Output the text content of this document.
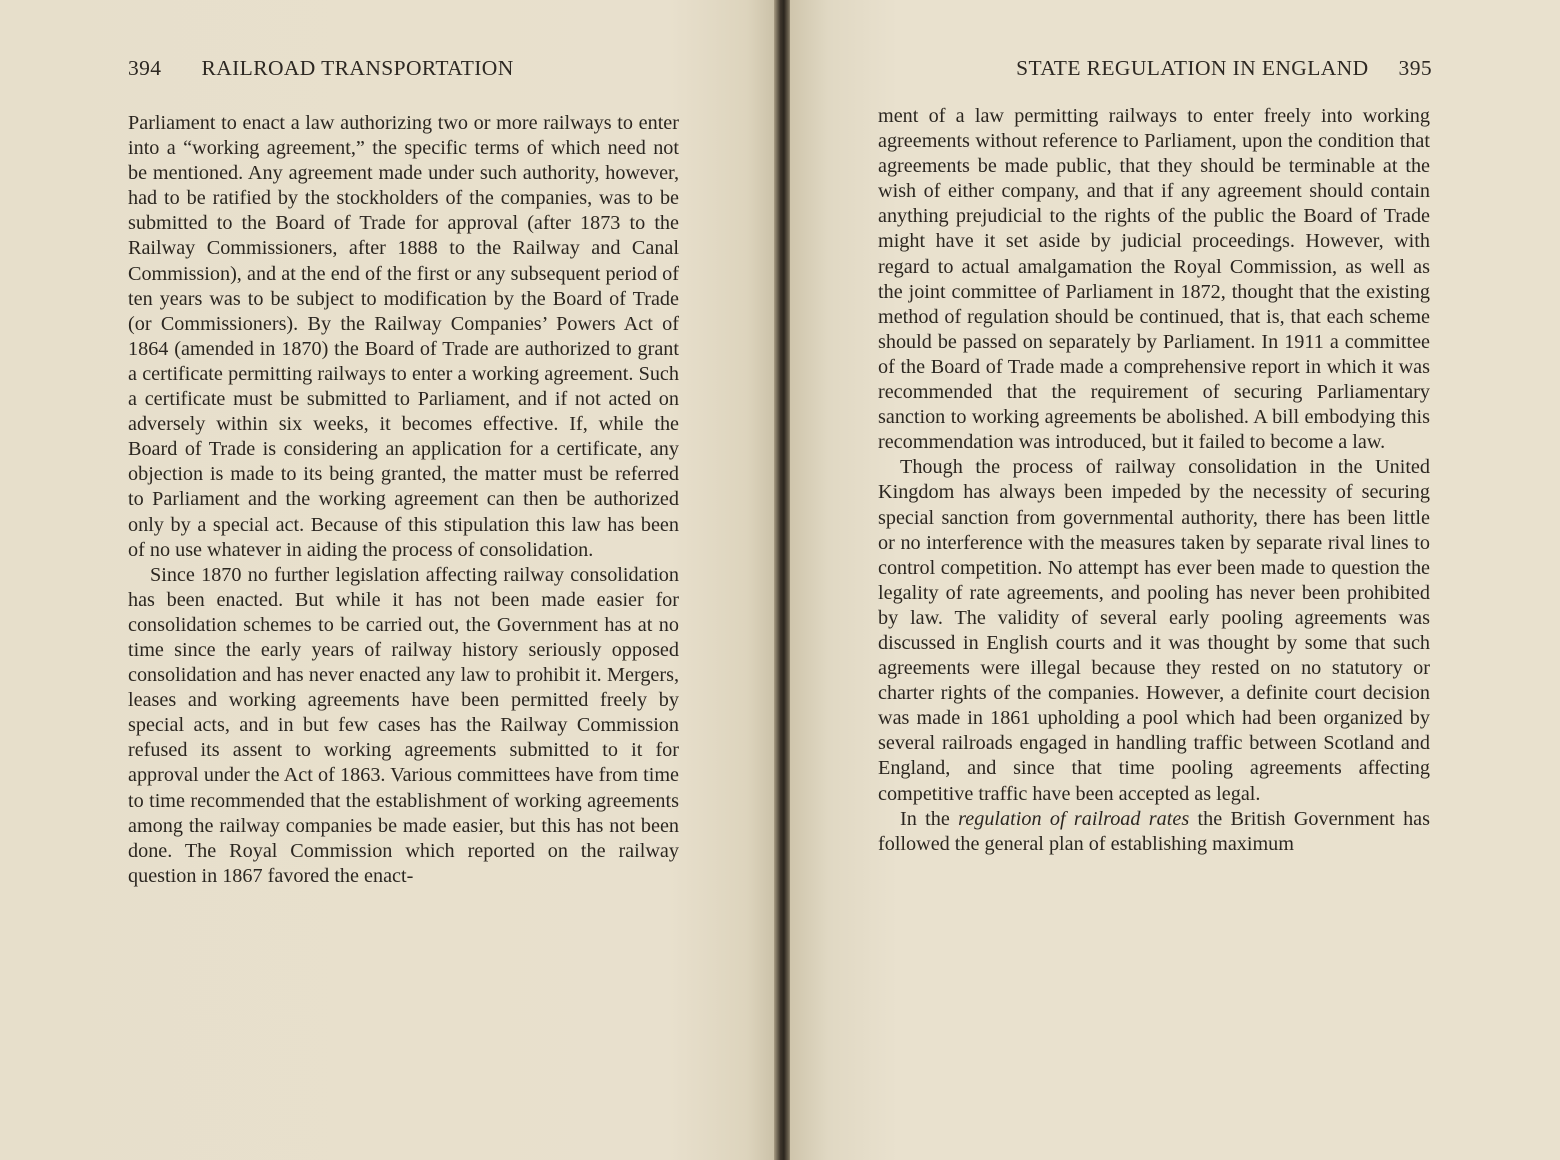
394 RAILROAD TRANSPORTATION

Parliament to enact a law authorizing two or more railways to enter into a “working agreement,” the specific terms of which need not be mentioned. Any agreement made under such authority, however, had to be ratified by the stockholders of the companies, was to be submitted to the Board of Trade for approval (after 1873 to the Railway Commissioners, after 1888 to the Railway and Canal Commission), and at the end of the first or any subsequent period of ten years was to be subject to modification by the Board of Trade (or Commissioners). By the Railway Companies’ Powers Act of 1864 (amended in 1870) the Board of Trade are authorized to grant a certificate permitting railways to enter a working agreement. Such a certificate must be submitted to Parliament, and if not acted on adversely within six weeks, it becomes effective. If, while the Board of Trade is considering an application for a certificate, any objection is made to its being granted, the matter must be referred to Parliament and the working agreement can then be authorized only by a special act. Because of this stipulation this law has been of no use whatever in aiding the process of consolidation.

Since 1870 no further legislation affecting railway consolidation has been enacted. But while it has not been made easier for consolidation schemes to be carried out, the Government has at no time since the early years of railway history seriously opposed consolidation and has never enacted any law to prohibit it. Mergers, leases and working agreements have been permitted freely by special acts, and in but few cases has the Railway Commission refused its assent to working agreements submitted to it for approval under the Act of 1863. Various committees have from time to time recommended that the establishment of working agreements among the railway companies be made easier, but this has not been done. The Royal Commission which reported on the railway question in 1867 favored the enact-

STATE REGULATION IN ENGLAND 395

ment of a law permitting railways to enter freely into working agreements without reference to Parliament, upon the condition that agreements be made public, that they should be terminable at the wish of either company, and that if any agreement should contain anything prejudicial to the rights of the public the Board of Trade might have it set aside by judicial proceedings. However, with regard to actual amalgamation the Royal Commission, as well as the joint committee of Parliament in 1872, thought that the existing method of regulation should be continued, that is, that each scheme should be passed on separately by Parliament. In 1911 a committee of the Board of Trade made a comprehensive report in which it was recommended that the requirement of securing Parliamentary sanction to working agreements be abolished. A bill embodying this recommendation was introduced, but it failed to become a law.

Though the process of railway consolidation in the United Kingdom has always been impeded by the necessity of securing special sanction from governmental authority, there has been little or no interference with the measures taken by separate rival lines to control competition. No attempt has ever been made to question the legality of rate agreements, and pooling has never been prohibited by law. The validity of several early pooling agreements was discussed in English courts and it was thought by some that such agreements were illegal because they rested on no statutory or charter rights of the companies. However, a definite court decision was made in 1861 upholding a pool which had been organized by several railroads engaged in handling traffic between Scotland and England, and since that time pooling agreements affecting competitive traffic have been accepted as legal.

In the regulation of railroad rates the British Government has followed the general plan of establishing maximum
